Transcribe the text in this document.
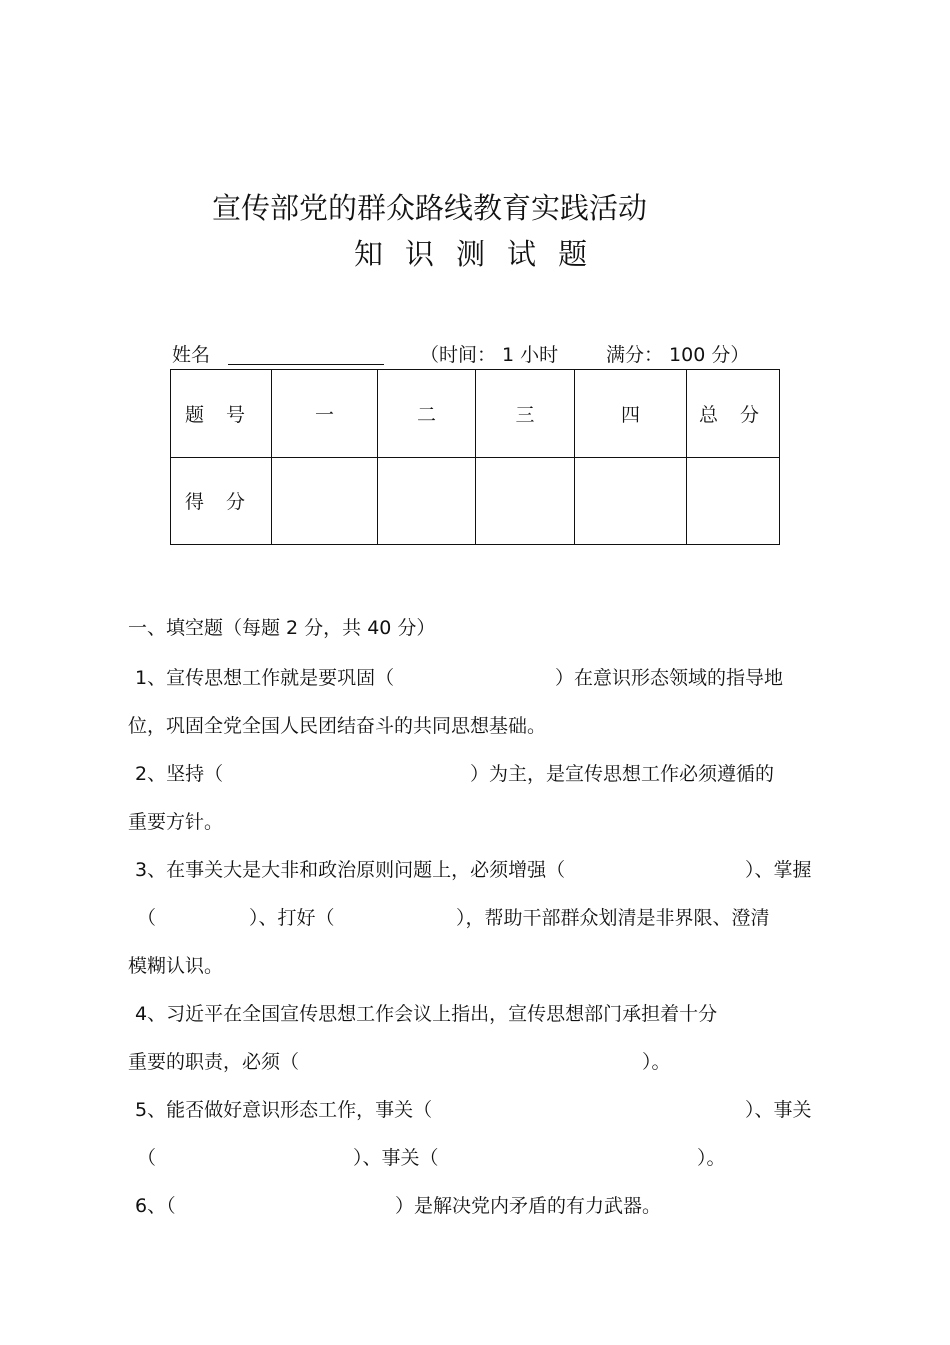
宣传部党的群众路线教育实践活动
知 识 测 试 题
姓名	（时间： 1 小时	满分： 100 分）
题 号	一	二	三	四	总 分
得 分					
一、填空题（每题 2 分，共 40 分）
1、宣传思想工作就是要巩固（	）在意识形态领域的指导地
位，巩固全党全国人民团结奋斗的共同思想基础。
2、坚持（	）为主，是宣传思想工作必须遵循的
重要方针。
3、在事关大是大非和政治原则问题上，必须增强（	）、掌握
（	）、打好（	），帮助干部群众划清是非界限、澄清
模糊认识。
4、习近平在全国宣传思想工作会议上指出，宣传思想部门承担着十分
重要的职责，必须（	）。
5、能否做好意识形态工作，事关（	）、事关
（	）、事关（	）。
6、（	）是解决党内矛盾的有力武器。
